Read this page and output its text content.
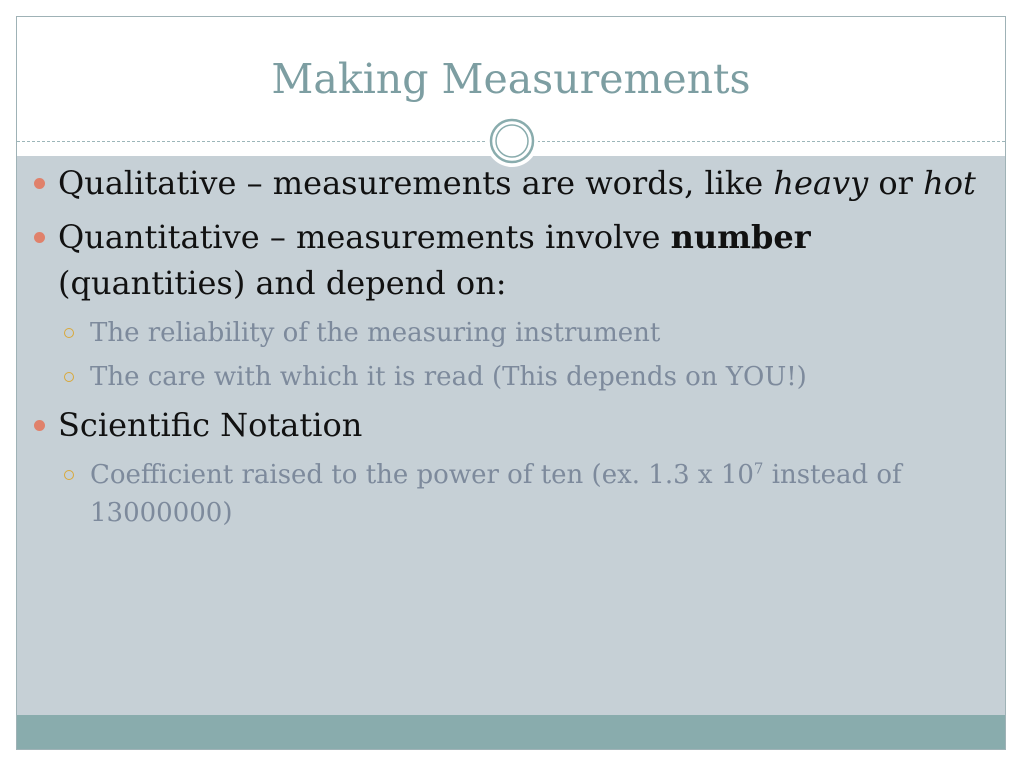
Making Measurements
Qualitative – measurements are words, like heavy or hot
Quantitative – measurements involve number (quantities) and depend on:
The reliability of the measuring instrument
The care with which it is read (This depends on YOU!)
Scientific Notation
Coefficient raised to the power of ten (ex. 1.3 x $10^7$ instead of 13000000)
